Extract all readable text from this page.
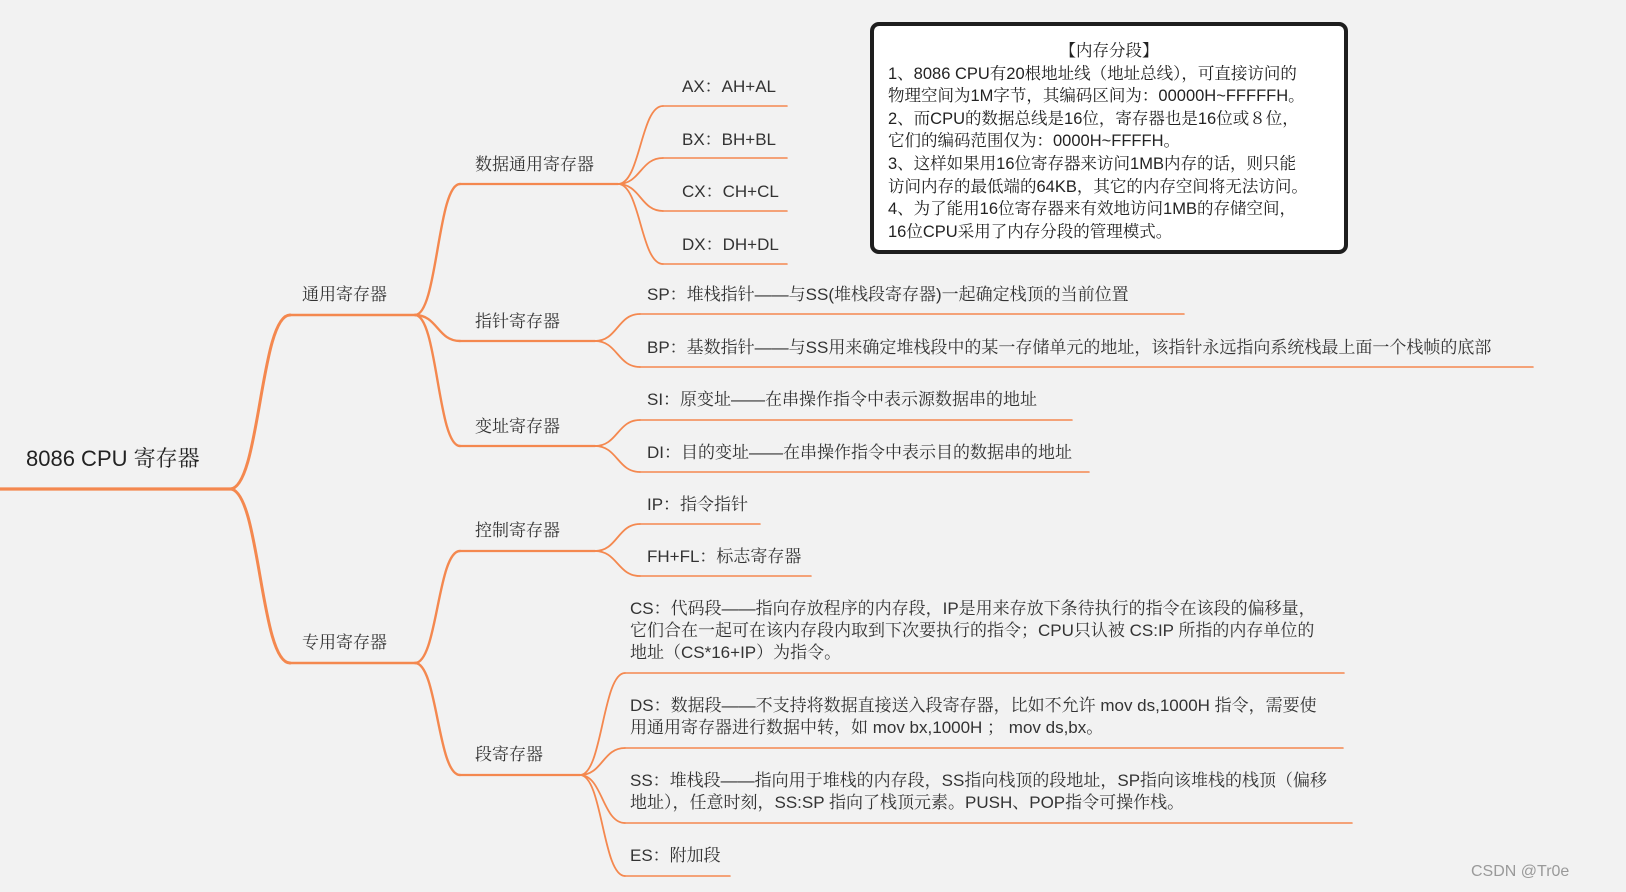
8086 CPU 寄存器
通用寄存器
专用寄存器
数据通用寄存器
指针寄存器
变址寄存器
控制寄存器
段寄存器
AX：AH+AL
BX：BH+BL
CX：CH+CL
DX：DH+DL
SP：堆栈指针——与SS(堆栈段寄存器)一起确定栈顶的当前位置
BP：基数指针——与SS用来确定堆栈段中的某一存储单元的地址，该指针永远指向系统栈最上面一个栈帧的底部
SI：原变址——在串操作指令中表示源数据串的地址
DI：目的变址——在串操作指令中表示目的数据串的地址
IP：指令指针
FH+FL：标志寄存器
CS：代码段——指向存放程序的内存段，IP是用来存放下条待执行的指令在该段的偏移量，
它们合在一起可在该内存段内取到下次要执行的指令；CPU只认被 CS:IP 所指的内存单位的
地址（CS*16+IP）为指令。
DS：数据段——不支持将数据直接送入段寄存器，比如不允许 mov ds,1000H 指令，需要使
用通用寄存器进行数据中转，如 mov bx,1000H ； mov ds,bx。
SS：堆栈段——指向用于堆栈的内存段，SS指向栈顶的段地址，SP指向该堆栈的栈顶（偏移
地址），任意时刻，SS:SP 指向了栈顶元素。PUSH、POP指令可操作栈。
ES：附加段
【内存分段】
1、8086 CPU有20根地址线（地址总线），可直接访问的
物理空间为1M字节，其编码区间为：00000H~FFFFFH。
2、而CPU的数据总线是16位，寄存器也是16位或８位，
它们的编码范围仅为：0000H~FFFFH。
3、这样如果用16位寄存器来访问1MB内存的话，则只能
访问内存的最低端的64KB，其它的内存空间将无法访问。
4、为了能用16位寄存器来有效地访问1MB的存储空间，
16位CPU采用了内存分段的管理模式。
CSDN @Tr0e
